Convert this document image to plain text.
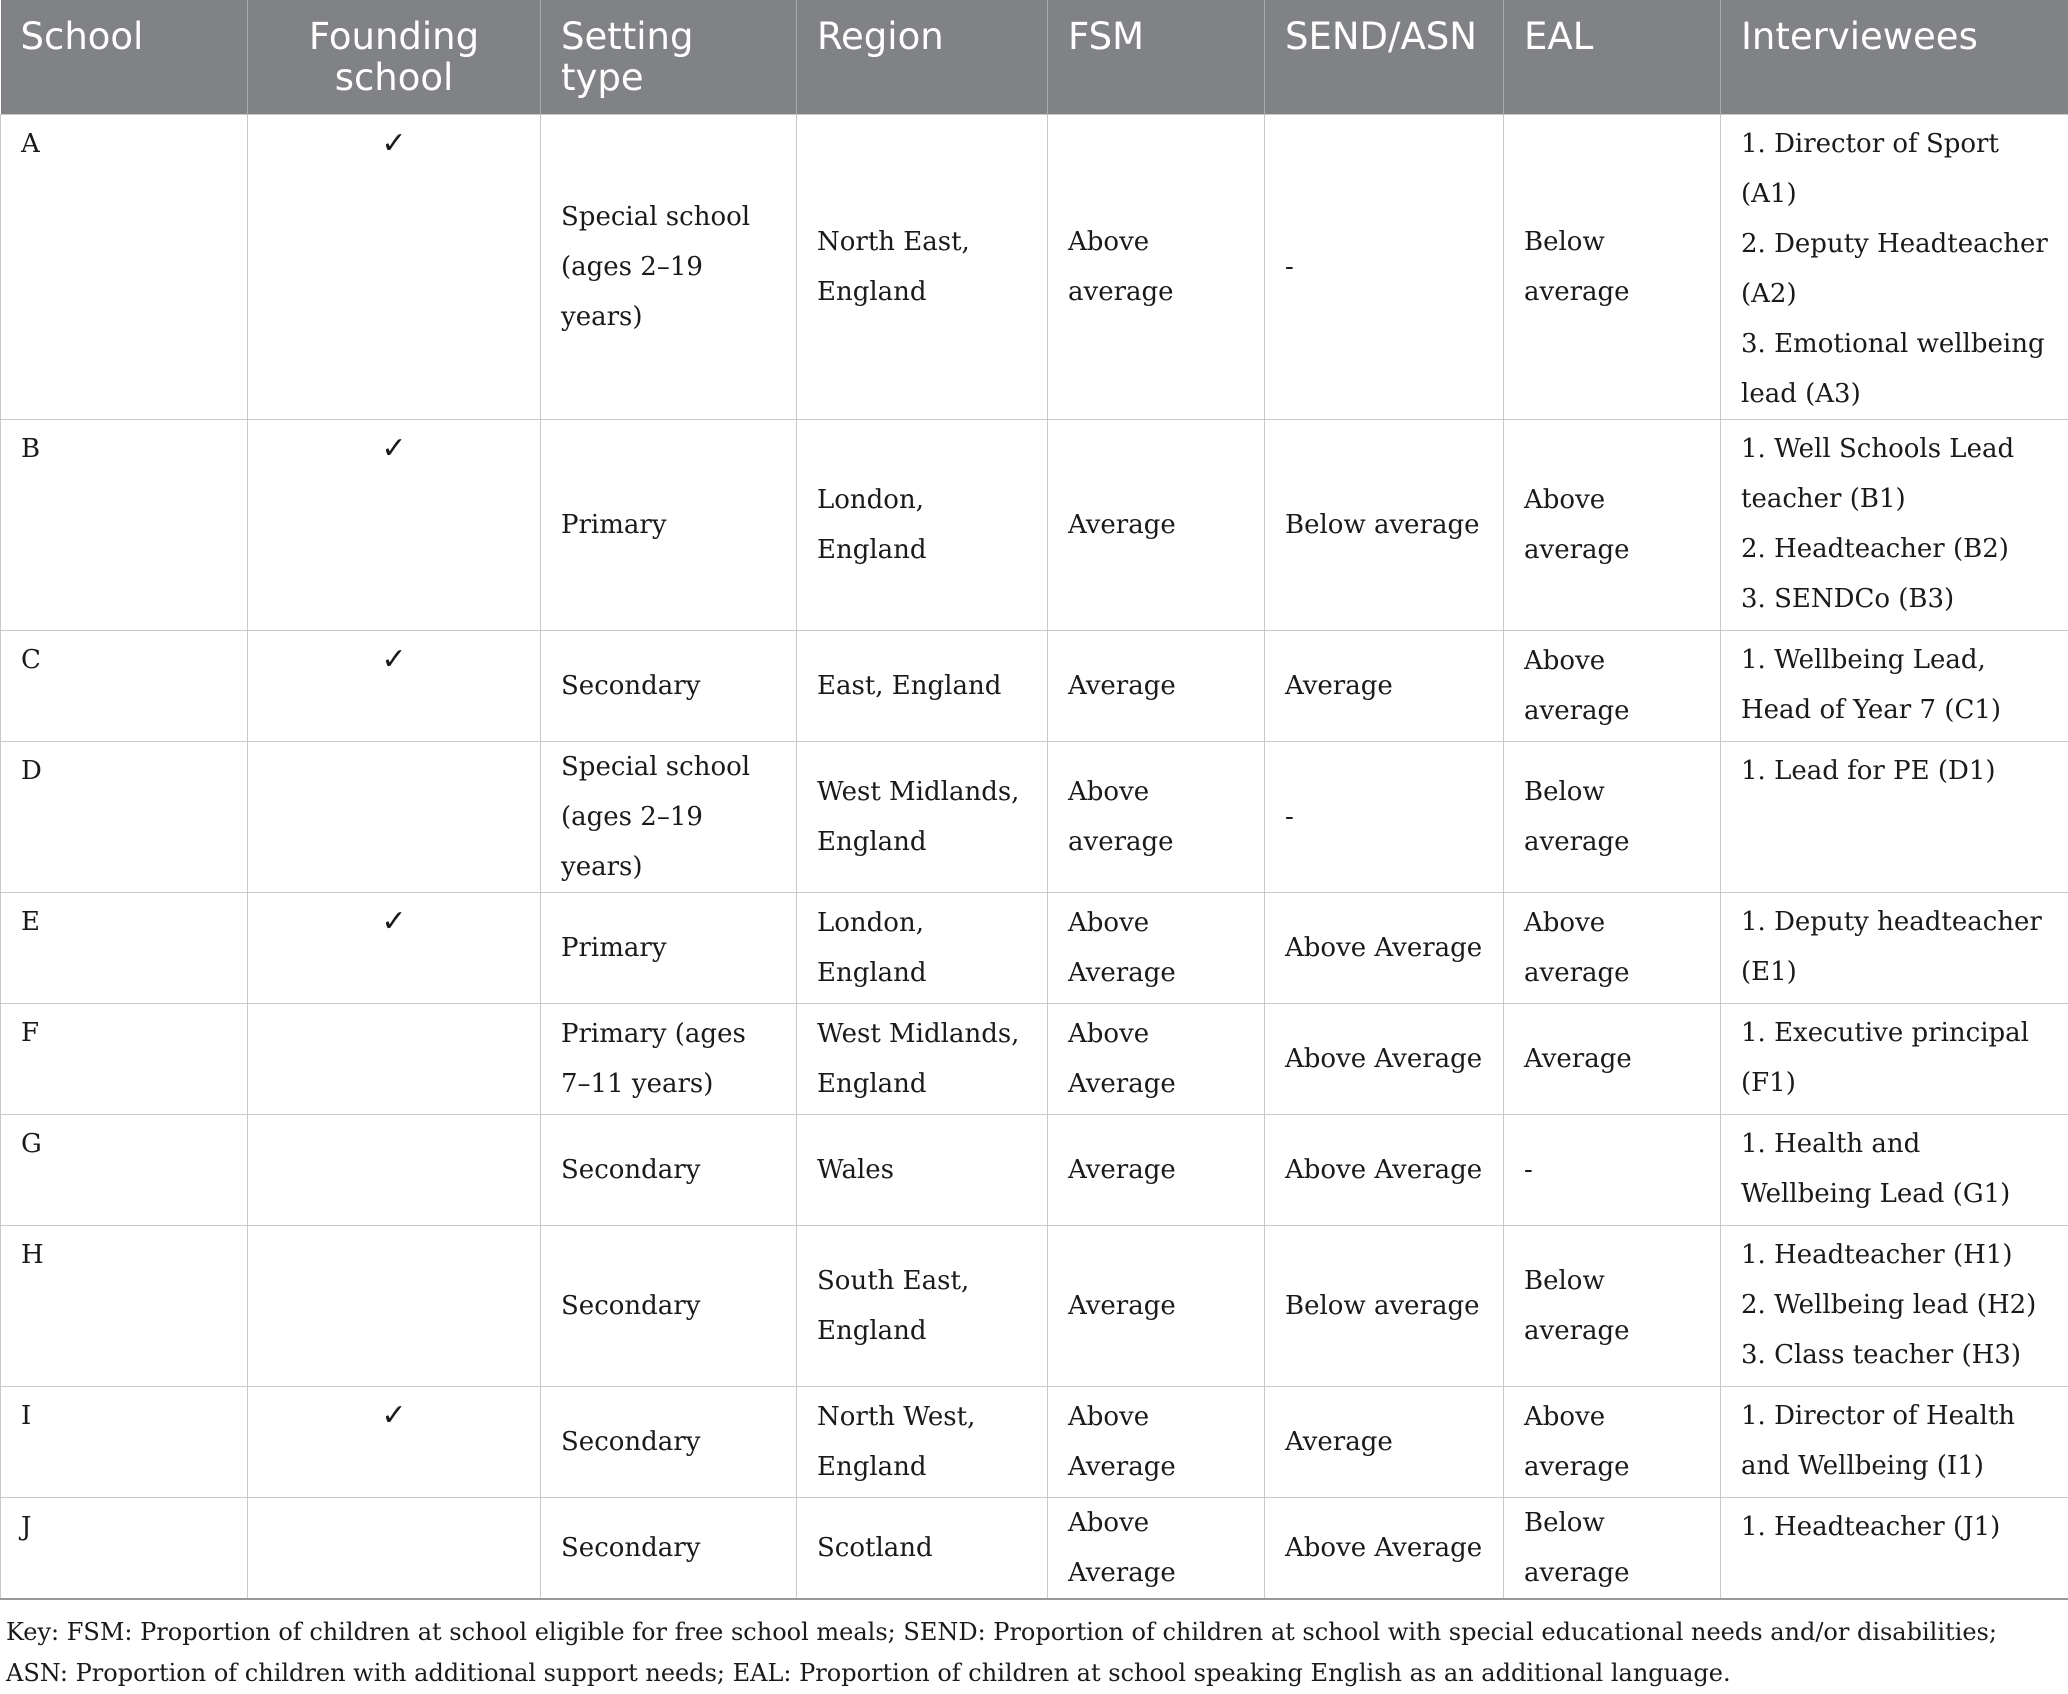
School	Founding school	Setting type	Region	FSM	SEND/ASN	EAL	Interviewees
A	✓	Special school (ages 2–19 years)	North East, England	Above average	-	Below average	1. Director of Sport (A1)
2. Deputy Headteacher (A2)
3. Emotional wellbeing lead (A3)

B	✓	Primary	London, England	Average	Below average	Above average	1. Well Schools Lead teacher (B1)
2. Headteacher (B2)
3. SENDCo (B3)

C	✓	Secondary	East, England	Average	Average	Above average	1. Wellbeing Lead, Head of Year 7 (C1)

D		Special school (ages 2–19 years)	West Midlands, England	Above average	-	Below average	1. Lead for PE (D1)

E	✓	Primary	London, England	Above Average	Above Average	Above average	1. Deputy headteacher (E1)

F		Primary (ages 7–11 years)	West Midlands, England	Above Average	Above Average	Average	1. Executive principal (F1)

G		Secondary	Wales	Average	Above Average	-	1. Health and Wellbeing Lead (G1)

H		Secondary	South East, England	Average	Below average	Below average	1. Headteacher (H1)
2. Wellbeing lead (H2)
3. Class teacher (H3)

I	✓	Secondary	North West, England	Above Average	Average	Above average	1. Director of Health and Wellbeing (I1)

J		Secondary	Scotland	Above Average	Above Average	Below average	1. Headteacher (J1)

Key: FSM: Proportion of children at school eligible for free school meals; SEND: Proportion of children at school with special educational needs and/or disabilities; ASN: Proportion of children with additional support needs; EAL: Proportion of children at school speaking English as an additional language.
